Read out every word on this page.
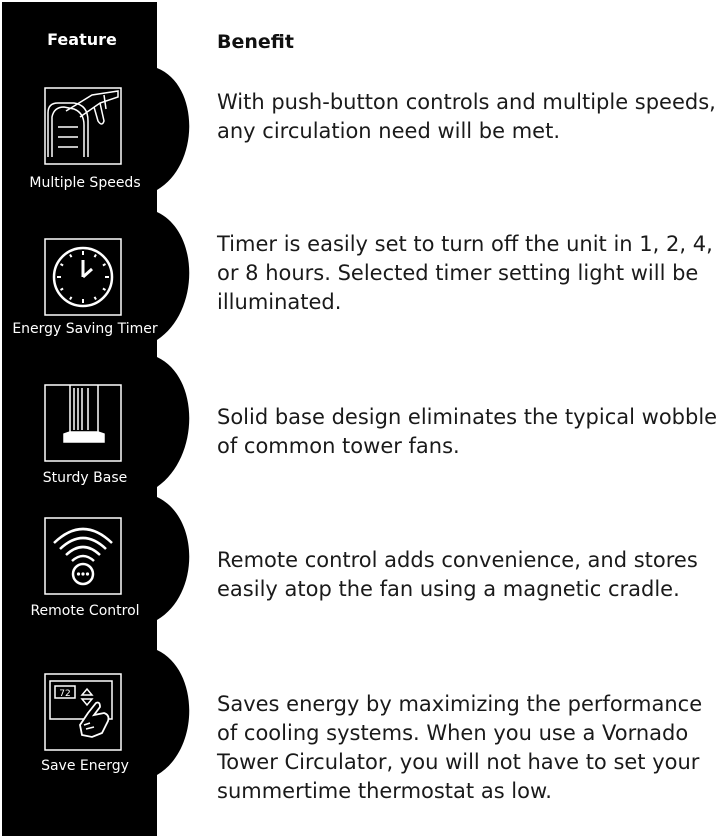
Feature	Benefit
Multiple Speeds
With push-button controls and multiple speeds,
any circulation need will be met.
Energy Saving Timer
Timer is easily set to turn off the unit in 1, 2, 4,
or 8 hours. Selected timer setting light will be
illuminated.
Sturdy Base
Solid base design eliminates the typical wobble
of common tower fans.
Remote Control
Remote control adds convenience, and stores
easily atop the fan using a magnetic cradle.
72
Save Energy
Saves energy by maximizing the performance
of cooling systems. When you use a Vornado
Tower Circulator, you will not have to set your
summertime thermostat as low.
